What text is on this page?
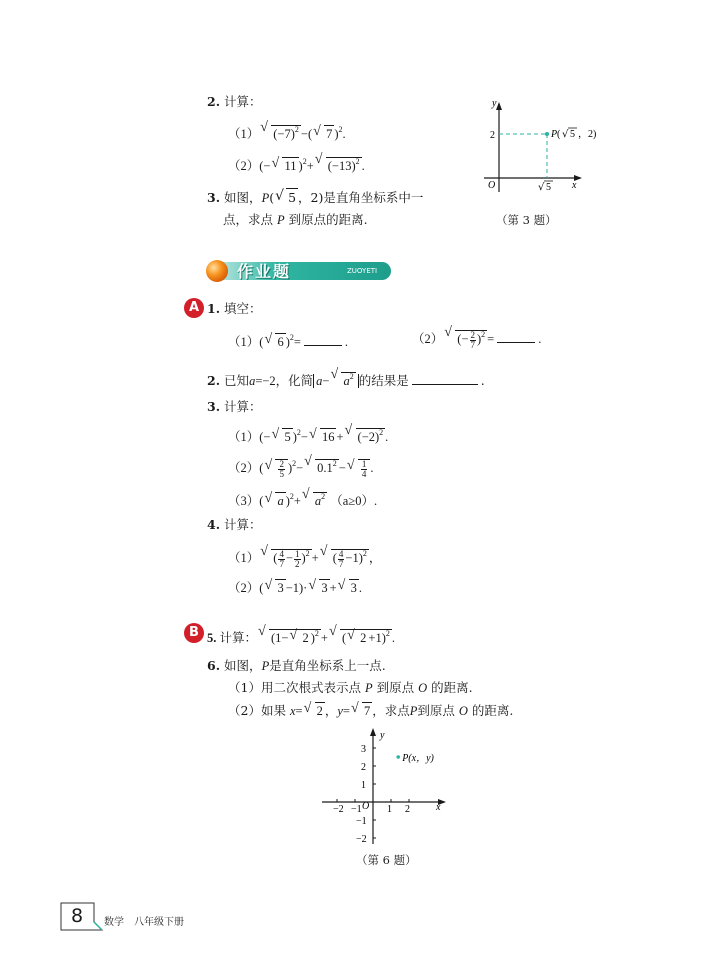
2. 计算：
（1）√ $(-7)^2$ −(√ 7 )$^2$.
（2）(−√ 11 )$^2$+√ $(-13)^2$ .
3. 如图，P(√ 5 ，2)是直角坐标系中一
点，求点 P 到原点的距离.
y
x
O
2
√ 5
P ( √ 5 ，2)
（第 3 题）
作业题	ZUOYETI
A 1. 填空：
（1）(√ 6 )$^2$=	.	（2）√ (− $\frac{2}{7} )^2$ =	.
2. 已知a=−2，化简 a−√ $a^2$ 的结果是	.
3. 计算：
（1）(−√ 5 )$^2$−√ 16 +√ $(-2)^2$ .
（2）(
√ $\frac{2}{5} )^2-√$ $0.1^2$ −
√ $\frac{1}{4}$ .
（3）(√ a )$^2$+√ $a^2$ （a≥0）.
4. 计算：
（1）√ ( $\frac{4}{7} - \frac{1}{2} )^2$ +√ ( $\frac{4}{7} -1)^2$ ，
（2）(√ 3 −1)·√ 3 +√ 3 .
B 5. 计算：√ (1−√ 2 )$^2$ +√ (√ 2 +1)$^2$ .
6. 如图，P是直角坐标系上一点.
（1）用二次根式表示点 P 到原点 O 的距离.
（2）如果 x=√ 2 ，y=√ 7 ，求点P到原点 O 的距离.
−2 −1	1 2
3
2
1
−1
−2
y
x
O
P(x，y)
（第 6 题）
8	数学　八年级下册
